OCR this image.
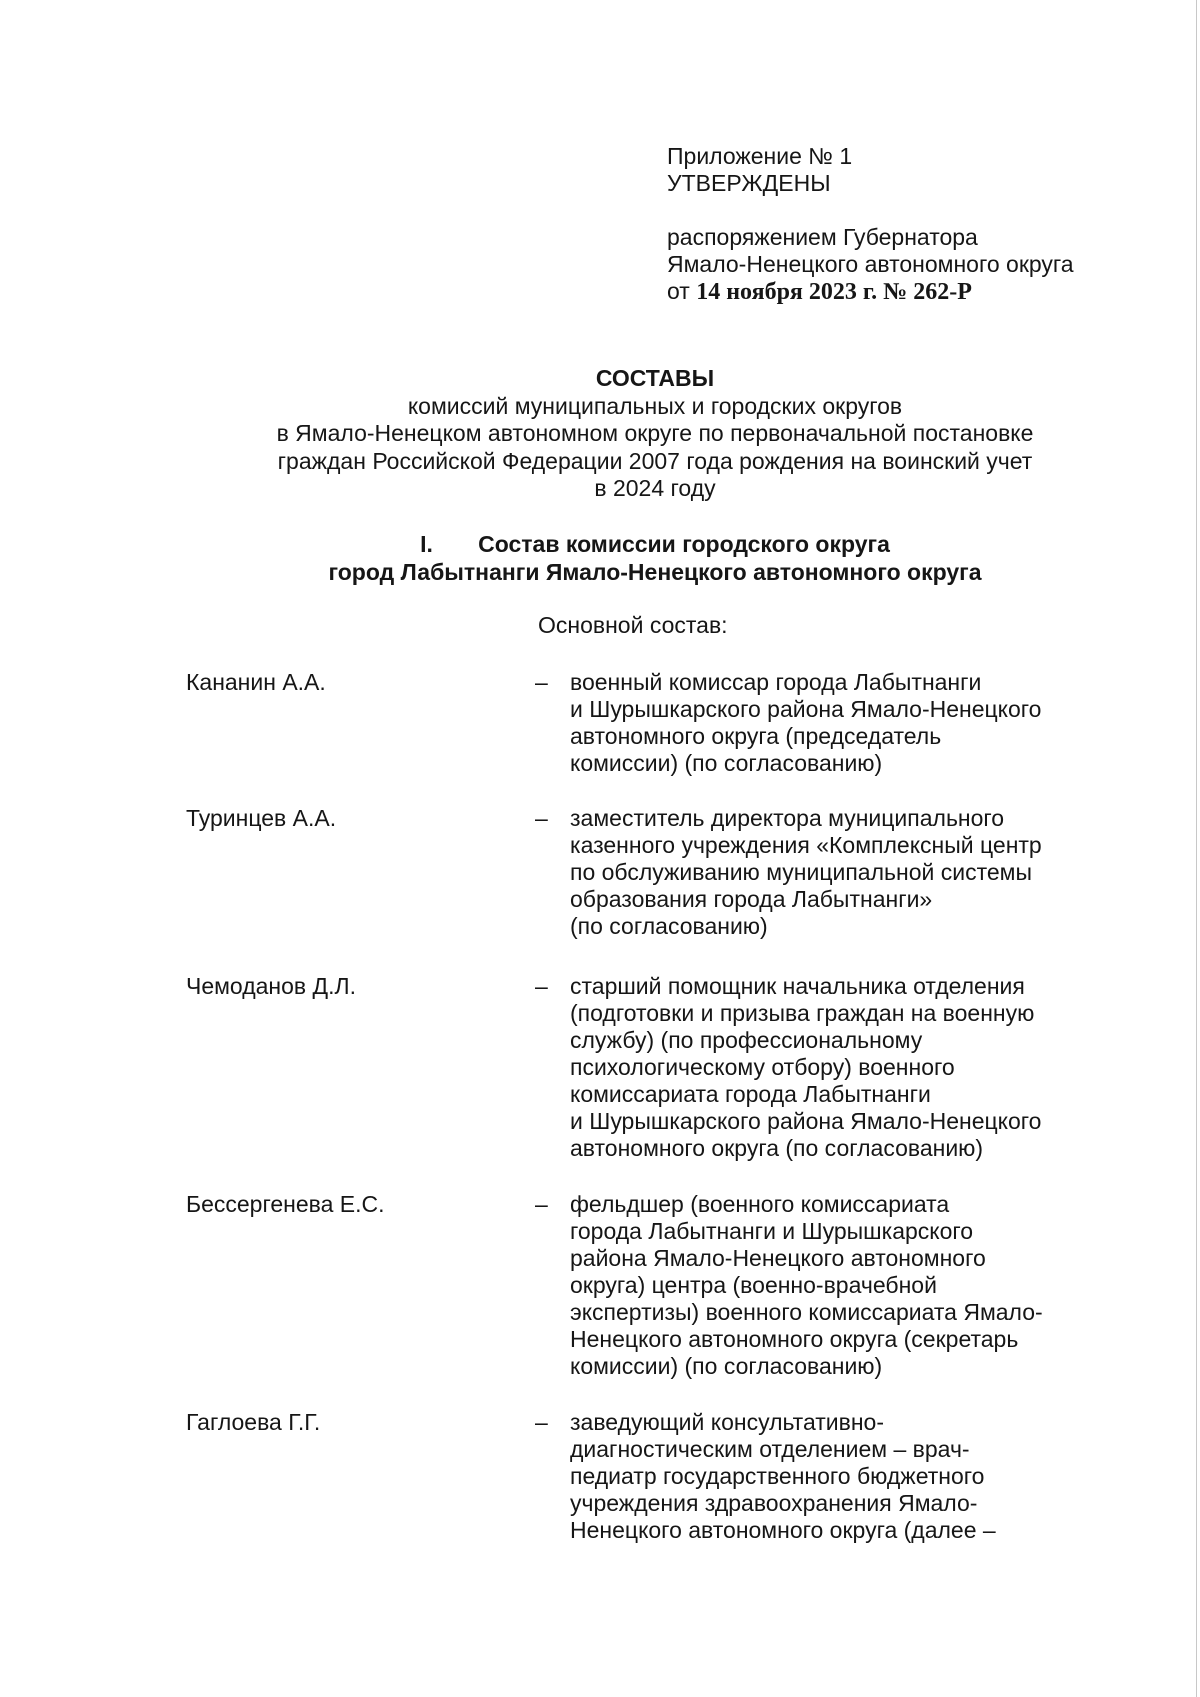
Приложение № 1
УТВЕРЖДЕНЫ
распоряжением Губернатора
Ямало-Ненецкого автономного округа
от 14 ноября 2023 г. № 262-Р
СОСТАВЫ
комиссий муниципальных и городских округов
в Ямало-Ненецком автономном округе по первоначальной постановке
граждан Российской Федерации 2007 года рождения на воинский учет
в 2024 году
I. Состав комиссии городского округа
город Лабытнанги Ямало-Ненецкого автономного округа
Основной состав:
Кананин А.А.	– военный комиссар города Лабытнанги
и Шурышкарского района Ямало-Ненецкого
автономного округа (председатель
комиссии) (по согласованию)
Туринцев А.А.	– заместитель директора муниципального
казенного учреждения «Комплексный центр
по обслуживанию муниципальной системы
образования города Лабытнанги»
(по согласованию)
Чемоданов Д.Л.	– старший помощник начальника отделения
(подготовки и призыва граждан на военную
службу) (по профессиональному
психологическому отбору) военного
комиссариата города Лабытнанги
и Шурышкарского района Ямало-Ненецкого
автономного округа (по согласованию)
Бессергенева Е.С.	– фельдшер (военного комиссариата
города Лабытнанги и Шурышкарского
района Ямало-Ненецкого автономного
округа) центра (военно-врачебной
экспертизы) военного комиссариата Ямало-
Ненецкого автономного округа (секретарь
комиссии) (по согласованию)
Гаглоева Г.Г.	– заведующий консультативно-
диагностическим отделением – врач-
педиатр государственного бюджетного
учреждения здравоохранения Ямало-
Ненецкого автономного округа (далее –
